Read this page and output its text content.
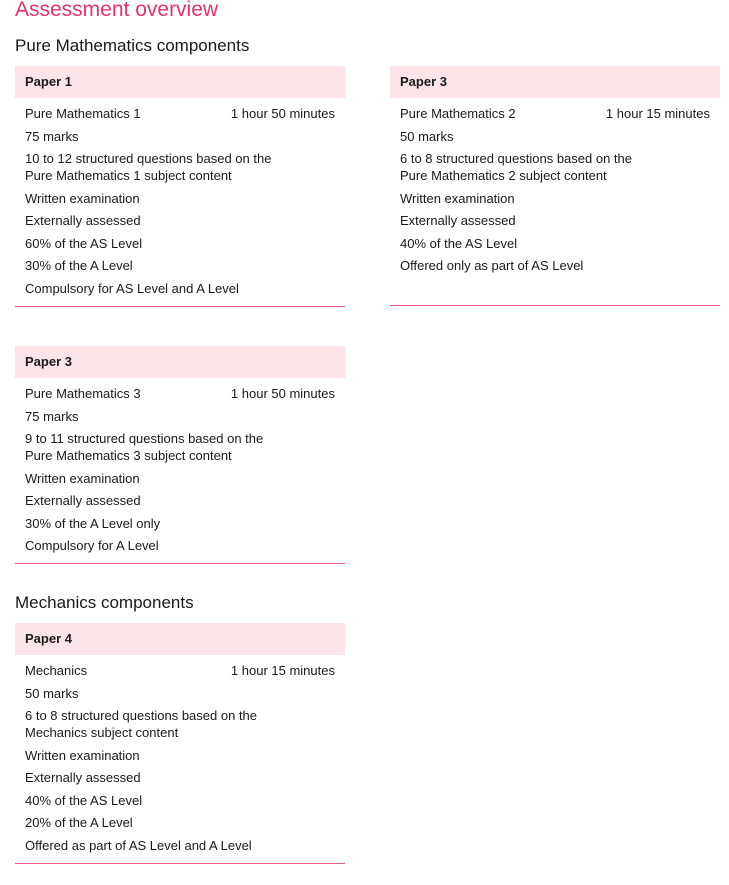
Assessment overview
Pure Mathematics components
Paper 1
Pure Mathematics 1	1 hour 50 minutes
75 marks
10 to 12 structured questions based on the
Pure Mathematics 1 subject content
Written examination
Externally assessed
60% of the AS Level
30% of the A Level
Compulsory for AS Level and A Level
Paper 3
Pure Mathematics 2	1 hour 15 minutes
50 marks
6 to 8 structured questions based on the
Pure Mathematics 2 subject content
Written examination
Externally assessed
40% of the AS Level
Offered only as part of AS Level
Paper 3
Pure Mathematics 3	1 hour 50 minutes
75 marks
9 to 11 structured questions based on the
Pure Mathematics 3 subject content
Written examination
Externally assessed
30% of the A Level only
Compulsory for A Level
Mechanics components
Paper 4
Mechanics	1 hour 15 minutes
50 marks
6 to 8 structured questions based on the
Mechanics subject content
Written examination
Externally assessed
40% of the AS Level
20% of the A Level
Offered as part of AS Level and A Level
